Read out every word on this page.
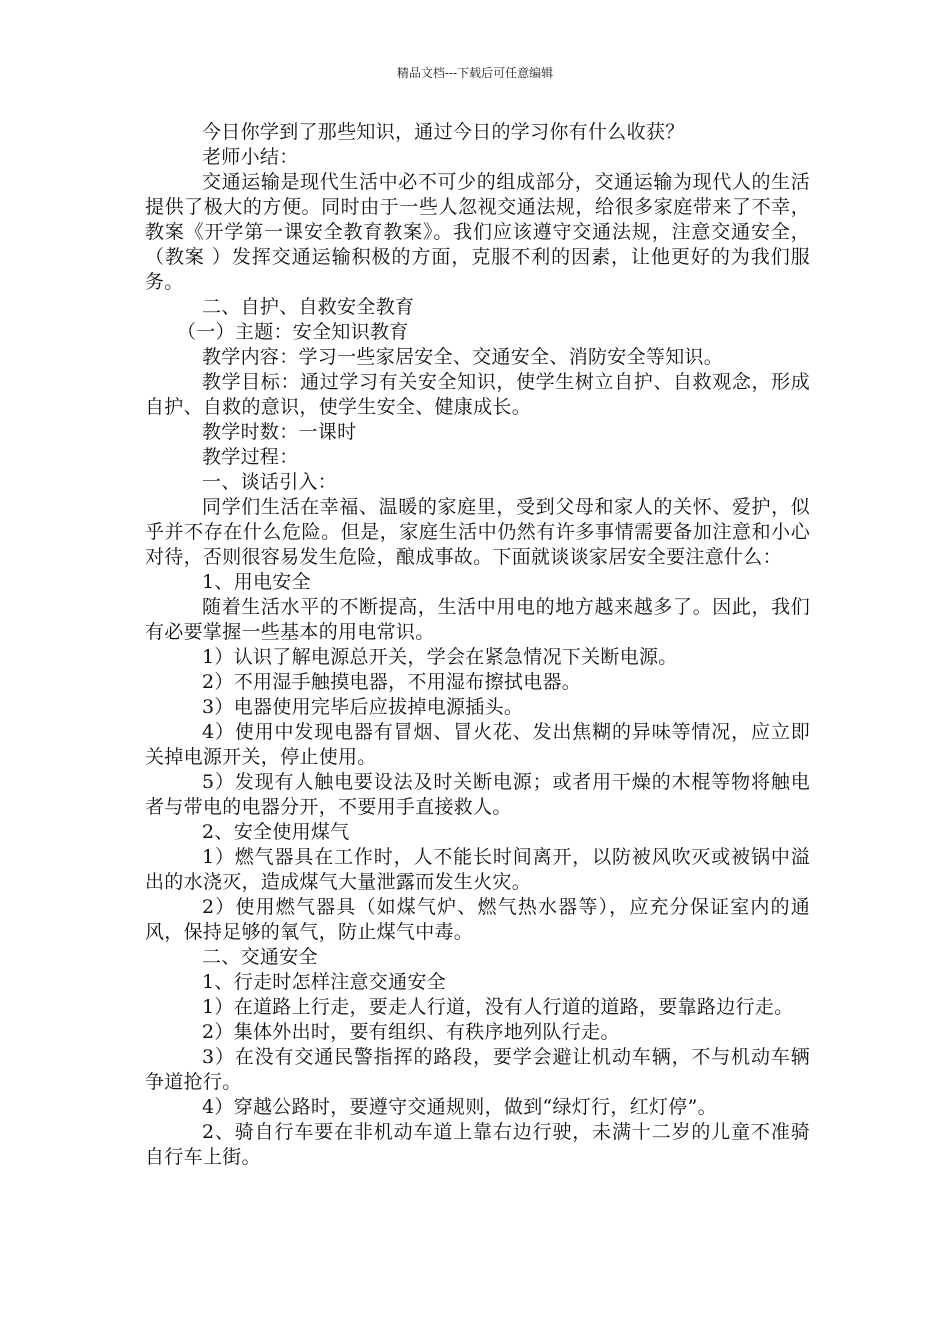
精品文档---下载后可任意编辑

今日你学到了那些知识，通过今日的学习你有什么收获？

老师小结：

交通运输是现代生活中必不可少的组成部分，交通运输为现代人的生活提供了极大的方便。同时由于一些人忽视交通法规，给很多家庭带来了不幸，教案《开学第一课安全教育教案》。我们应该遵守交通法规，注意交通安全，（教案 ）发挥交通运输积极的方面，克服不利的因素，让他更好的为我们服务。

二、自护、自救安全教育

（一）主题：安全知识教育

教学内容：学习一些家居安全、交通安全、消防安全等知识。

教学目标：通过学习有关安全知识，使学生树立自护、自救观念，形成自护、自救的意识，使学生安全、健康成长。

教学时数：一课时

教学过程：

一、谈话引入：

同学们生活在幸福、温暖的家庭里，受到父母和家人的关怀、爱护，似乎并不存在什么危险。但是，家庭生活中仍然有许多事情需要备加注意和小心对待，否则很容易发生危险，酿成事故。下面就谈谈家居安全要注意什么：

1、用电安全

随着生活水平的不断提高，生活中用电的地方越来越多了。因此，我们有必要掌握一些基本的用电常识。

1）认识了解电源总开关，学会在紧急情况下关断电源。

2）不用湿手触摸电器，不用湿布擦拭电器。

3）电器使用完毕后应拔掉电源插头。

4）使用中发现电器有冒烟、冒火花、发出焦糊的异味等情况，应立即关掉电源开关，停止使用。

5）发现有人触电要设法及时关断电源；或者用干燥的木棍等物将触电者与带电的电器分开，不要用手直接救人。

2、安全使用煤气

1）燃气器具在工作时，人不能长时间离开，以防被风吹灭或被锅中溢出的水浇灭，造成煤气大量泄露而发生火灾。

2）使用燃气器具（如煤气炉、燃气热水器等），应充分保证室内的通风，保持足够的氧气，防止煤气中毒。

二、交通安全

1、行走时怎样注意交通安全

1）在道路上行走，要走人行道，没有人行道的道路，要靠路边行走。

2）集体外出时，要有组织、有秩序地列队行走。

3）在没有交通民警指挥的路段，要学会避让机动车辆，不与机动车辆争道抢行。

4）穿越公路时，要遵守交通规则，做到“绿灯行，红灯停”。

2、骑自行车要在非机动车道上靠右边行驶，未满十二岁的儿童不准骑自行车上街。
